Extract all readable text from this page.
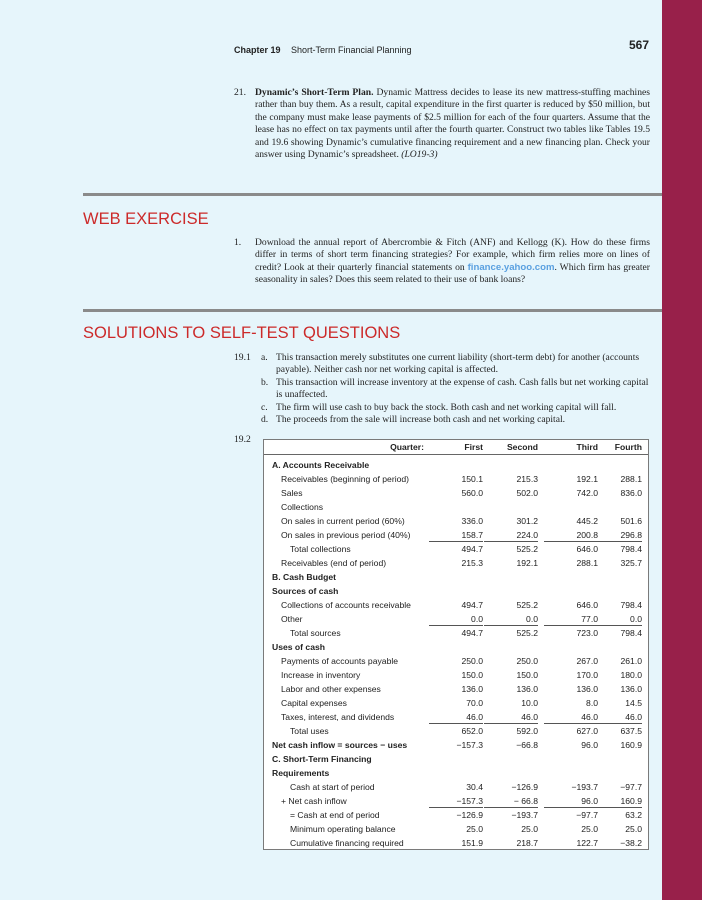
Chapter 19 Short-Term Financial Planning	567
21. Dynamic’s Short-Term Plan. Dynamic Mattress decides to lease its new mattress-stuffing machines rather than buy them. As a result, capital expenditure in the first quarter is reduced by $50 million, but the company must make lease payments of $2.5 million for each of the four quarters. Assume that the lease has no effect on tax payments until after the fourth quarter. Construct two tables like Tables 19.5 and 19.6 showing Dynamic’s cumulative financing requirement and a new financing plan. Check your answer using Dynamic’s spreadsheet. (LO19-3)
WEB EXERCISE
1. Download the annual report of Abercrombie & Fitch (ANF) and Kellogg (K). How do these firms differ in terms of short term financing strategies? For example, which firm relies more on lines of credit? Look at their quarterly financial statements on finance.yahoo.com. Which firm has greater seasonality in sales? Does this seem related to their use of bank loans?
SOLUTIONS TO SELF-TEST QUESTIONS
19.1 a. This transaction merely substitutes one current liability (short-term debt) for another (accounts payable). Neither cash nor net working capital is affected.
b. This transaction will increase inventory at the expense of cash. Cash falls but net working capital is unaffected.
c. The firm will use cash to buy back the stock. Both cash and net working capital will fall.
d. The proceeds from the sale will increase both cash and net working capital.
19.2
Quarter:	First	Second	Third	Fourth
A. Accounts Receivable
Receivables (beginning of period)	150.1	215.3	192.1	288.1
Sales	560.0	502.0	742.0	836.0
Collections
On sales in current period (60%)	336.0	301.2	445.2	501.6
On sales in previous period (40%)	158.7	224.0	200.8	296.8
Total collections	494.7	525.2	646.0	798.4
Receivables (end of period)	215.3	192.1	288.1	325.7
B. Cash Budget
Sources of cash
Collections of accounts receivable	494.7	525.2	646.0	798.4
Other	0.0	0.0	77.0	0.0
Total sources	494.7	525.2	723.0	798.4
Uses of cash
Payments of accounts payable	250.0	250.0	267.0	261.0
Increase in inventory	150.0	150.0	170.0	180.0
Labor and other expenses	136.0	136.0	136.0	136.0
Capital expenses	70.0	10.0	8.0	14.5
Taxes, interest, and dividends	46.0	46.0	46.0	46.0
Total uses	652.0	592.0	627.0	637.5
Net cash inflow = sources − uses	−157.3	−66.8	96.0	160.9
C. Short-Term Financing
Requirements
Cash at start of period	30.4	−126.9	−193.7	−97.7
+ Net cash inflow	−157.3	− 66.8	96.0	160.9
= Cash at end of period	−126.9	−193.7	−97.7	63.2
Minimum operating balance	25.0	25.0	25.0	25.0
Cumulative financing required	151.9	218.7	122.7	−38.2
